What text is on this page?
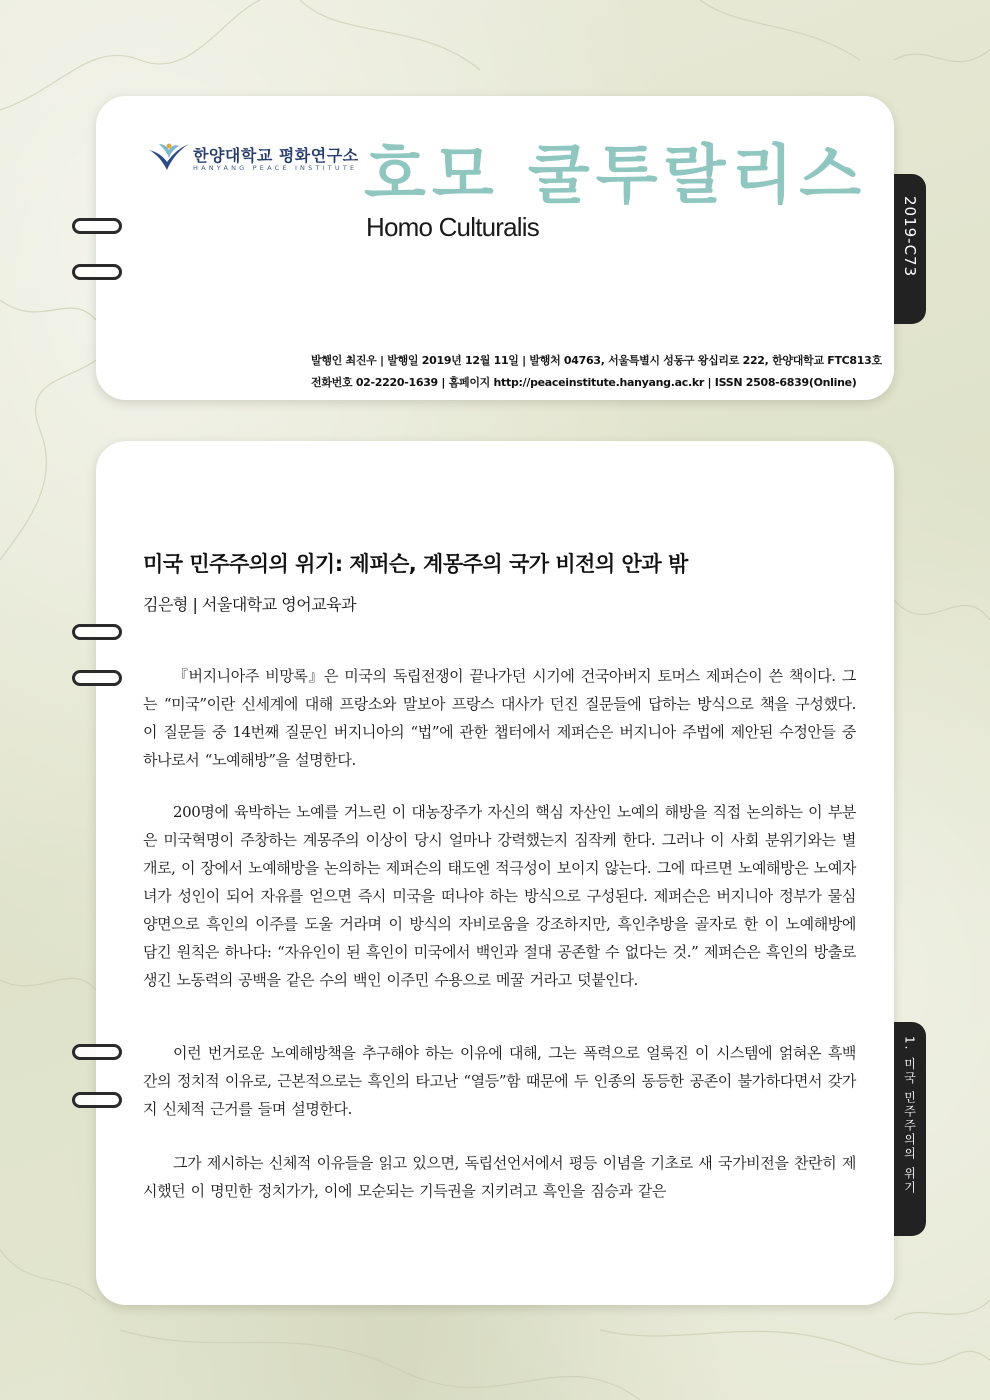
2019-C73
1. 미국 민주주의의 위기
한양대학교 평화연구소
HANYANG PEACE INSTITUTE 호모 쿨투랄리스
Homo Culturalis
발행인 최진우 | 발행일 2019년 12월 11일 | 발행처 04763, 서울특별시 성동구 왕십리로 222, 한양대학교 FTC813호
전화번호 02-2220-1639 | 홈페이지 http://peaceinstitute.hanyang.ac.kr | ISSN 2508-6839(Online)
미국 민주주의의 위기: 제퍼슨, 계몽주의 국가 비전의 안과 밖
김은형 | 서울대학교 영어교육과

『버지니아주 비망록』은 미국의 독립전쟁이 끝나가던 시기에 건국아버지 토머스 제퍼슨이 쓴 책이다. 그는 “미국”이란 신세계에 대해 프랑소와 말보아 프랑스 대사가 던진 질문들에 답하는 방식으로 책을 구성했다. 이 질문들 중 14번째 질문인 버지니아의 “법”에 관한 챕터에서 제퍼슨은 버지니아 주법에 제안된 수정안들 중 하나로서 “노예해방”을 설명한다.

200명에 육박하는 노예를 거느린 이 대농장주가 자신의 핵심 자산인 노예의 해방을 직접 논의하는 이 부분은 미국혁명이 주창하는 계몽주의 이상이 당시 얼마나 강력했는지 짐작케 한다. 그러나 이 사회 분위기와는 별개로, 이 장에서 노예해방을 논의하는 제퍼슨의 태도엔 적극성이 보이지 않는다. 그에 따르면 노예해방은 노예자녀가 성인이 되어 자유를 얻으면 즉시 미국을 떠나야 하는 방식으로 구성된다. 제퍼슨은 버지니아 정부가 물심양면으로 흑인의 이주를 도울 거라며 이 방식의 자비로움을 강조하지만, 흑인추방을 골자로 한 이 노예해방에 담긴 원칙은 하나다: “자유인이 된 흑인이 미국에서 백인과 절대 공존할 수 없다는 것.” 제퍼슨은 흑인의 방출로 생긴 노동력의 공백을 같은 수의 백인 이주민 수용으로 메꿀 거라고 덧붙인다.

이런 번거로운 노예해방책을 추구해야 하는 이유에 대해, 그는 폭력으로 얼룩진 이 시스템에 얽혀온 흑백 간의 정치적 이유로, 근본적으로는 흑인의 타고난 “열등”함 때문에 두 인종의 동등한 공존이 불가하다면서 갖가지 신체적 근거를 들며 설명한다.

그가 제시하는 신체적 이유들을 읽고 있으면, 독립선언서에서 평등 이념을 기초로 새 국가비전을 찬란히 제시했던 이 명민한 정치가가, 이에 모순되는 기득권을 지키려고 흑인을 짐승과 같은
